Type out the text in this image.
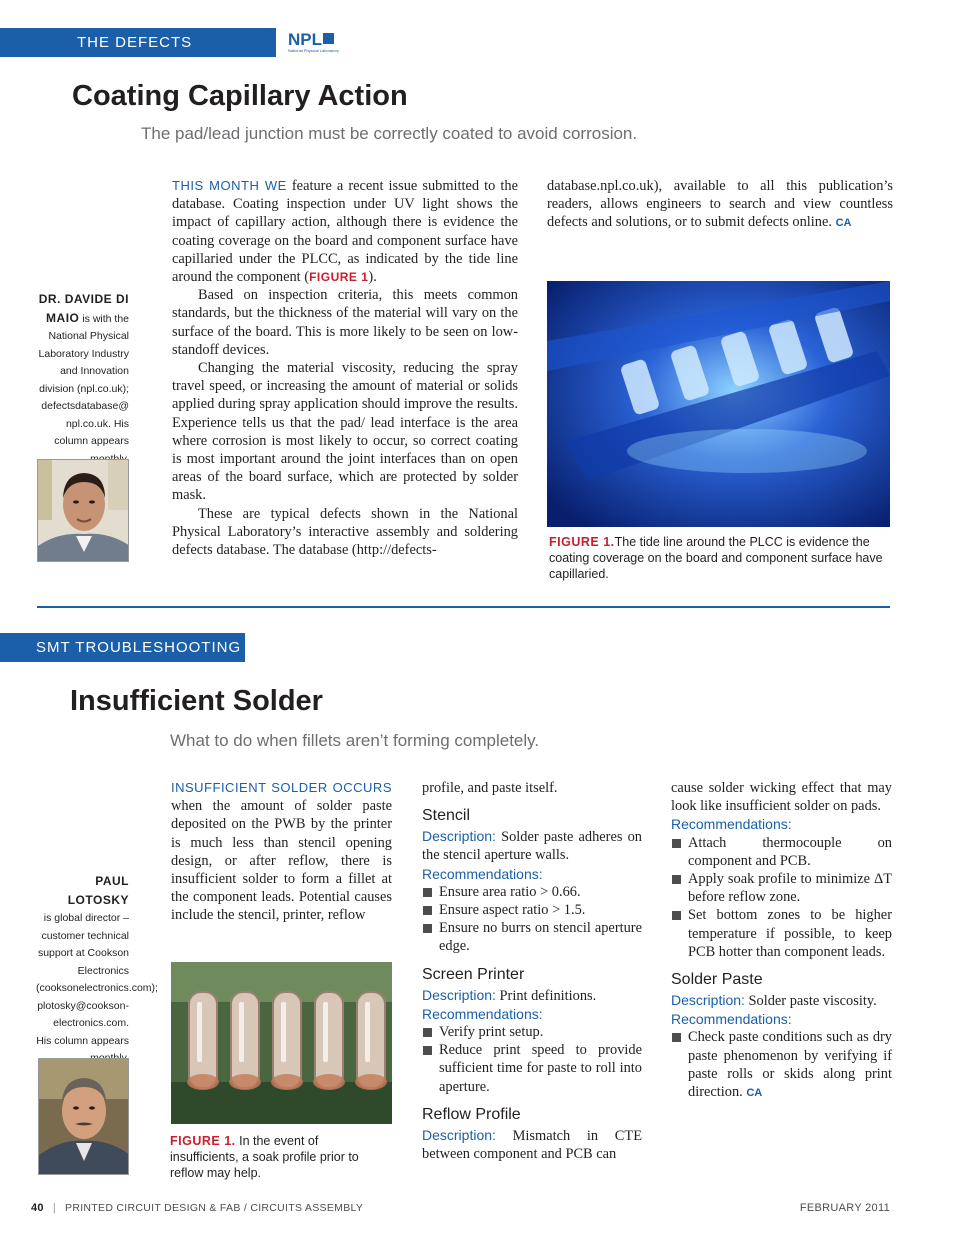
THE DEFECTS DATABASE
NPL
National Physical Laboratory
Coating Capillary Action
The pad/lead junction must be correctly coated to avoid corrosion.
DR. DAVIDE DI MAIO is with the National Physical Laboratory Industry and Innovation division (npl.co.uk); defectsdatabase@ npl.co.uk. His column appears

THIS MONTH WE feature a recent issue submitted to the database. Coating inspection under UV light shows the impact of capillary action, although there is evidence the coating coverage on the board and component surface have capillaried under the PLCC, as indicated by the tide line around the component (FIGURE 1).

Based on inspection criteria, this meets common standards, but the thickness of the material will vary on the surface of the board. This is more likely to be seen on low-standoff devices.

Changing the material viscosity, reducing the spray travel speed, or increasing the amount of material or solids applied during spray application should improve the results. Experience tells us that the pad/ lead interface is the area where corrosion is most likely to occur, so correct coating is most important around the joint interfaces than on open areas of the board surface, which are protected by solder mask.

These are typical defects shown in the National Physical Laboratory’s interactive assembly and soldering defects database. The database (http://defects-

database.npl.co.uk), available to all this publication’s readers, allows engineers to search and view countless defects and solutions, or to submit defects online. CA

FIGURE 1.The tide line around the PLCC is evidence the coating coverage on the board and component surface have capillaried.
SMT TROUBLESHOOTING
Insufficient Solder
What to do when fillets aren’t forming completely.
PAUL LOTOSKY
is global director – customer technical support at Cookson Electronics (cooksonelectronics.com); plotosky@cookson- electronics.com. His column appears

INSUFFICIENT SOLDER OCCURS when the amount of solder paste deposited on the PWB by the printer is much less than stencil opening design, or after reflow, there is insufficient solder to form a fillet at the component leads. Potential causes include the stencil, printer, reflow

FIGURE 1. In the event of insufficients, a soak profile prior to reflow may help.

profile, and paste itself.

Stencil

Description: Solder paste adheres on the stencil aperture walls.

Recommendations:

Ensure area ratio > 0.66.

Ensure aspect ratio > 1.5.

Ensure no burrs on stencil aperture edge.

Screen Printer

Description: Print definitions.

Recommendations:

Verify print setup.

Reduce print speed to provide sufficient time for paste to roll into aperture.

Reflow Profile

Description: Mismatch in CTE between component and PCB can

cause solder wicking effect that may look like insufficient solder on pads.

Recommendations:

Attach thermocouple on component and PCB.

Apply soak profile to minimize ΔT before reflow zone.

Set bottom zones to be higher temperature if possible, to keep PCB hotter than component leads.

Solder Paste

Description: Solder paste viscosity.

Recommendations:

Check paste conditions such as dry paste phenomenon by verifying if paste rolls or skids along print direction. CA

40 | PRINTED CIRCUIT DESIGN & FAB / CIRCUITS ASSEMBLY	FEBRUARY 2011
